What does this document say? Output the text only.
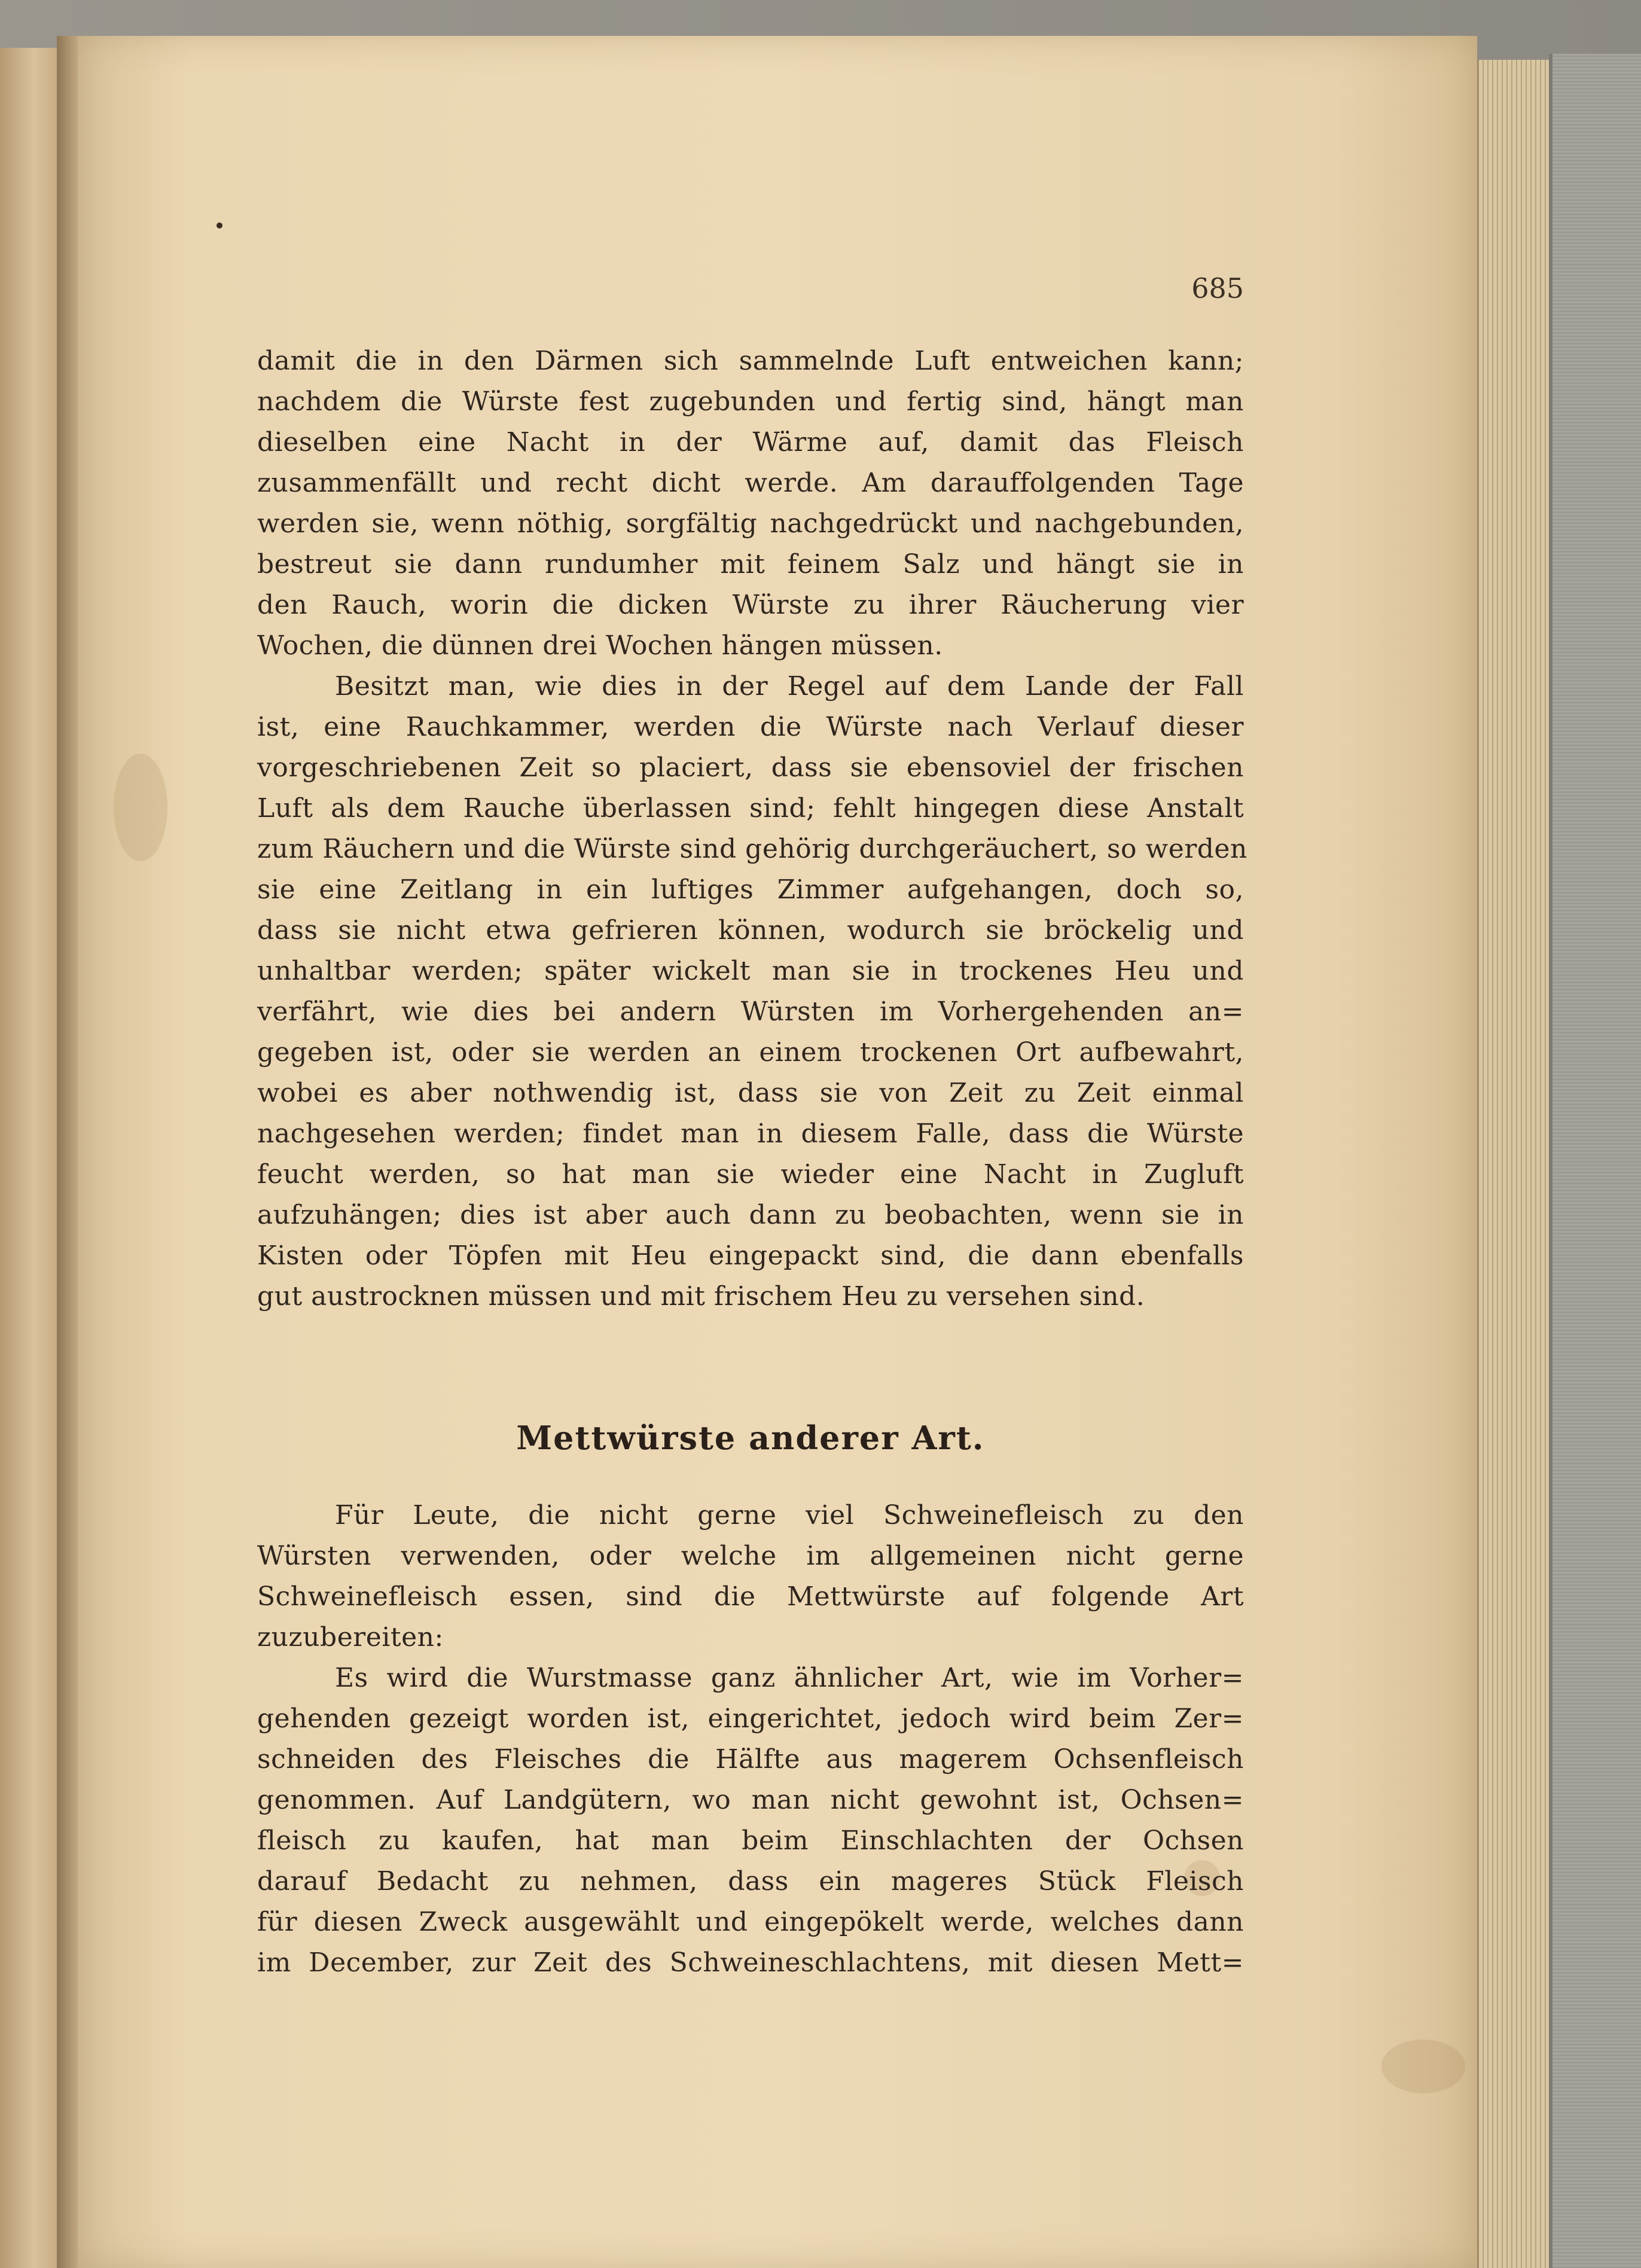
685
damit die in den Därmen sich sammelnde Luft entweichen kann;
nachdem die Würste fest zugebunden und fertig sind, hängt man
dieselben eine Nacht in der Wärme auf, damit das Fleisch
zusammenfällt und recht dicht werde. Am darauffolgenden Tage
werden sie, wenn nöthig, sorgfältig nachgedrückt und nachgebunden,
bestreut sie dann rundumher mit feinem Salz und hängt sie in
den Rauch, worin die dicken Würste zu ihrer Räucherung vier
Wochen, die dünnen drei Wochen hängen müssen.
Besitzt man, wie dies in der Regel auf dem Lande der Fall
ist, eine Rauchkammer, werden die Würste nach Verlauf dieser
vorgeschriebenen Zeit so placiert, dass sie ebensoviel der frischen
Luft als dem Rauche überlassen sind; fehlt hingegen diese Anstalt
zum Räuchern und die Würste sind gehörig durchgeräuchert, so werden
sie eine Zeitlang in ein luftiges Zimmer aufgehangen, doch so,
dass sie nicht etwa gefrieren können, wodurch sie bröckelig und
unhaltbar werden; später wickelt man sie in trockenes Heu und
verfährt, wie dies bei andern Würsten im Vorhergehenden an=
gegeben ist, oder sie werden an einem trockenen Ort aufbewahrt,
wobei es aber nothwendig ist, dass sie von Zeit zu Zeit einmal
nachgesehen werden; findet man in diesem Falle, dass die Würste
feucht werden, so hat man sie wieder eine Nacht in Zugluft
aufzuhängen; dies ist aber auch dann zu beobachten, wenn sie in
Kisten oder Töpfen mit Heu eingepackt sind, die dann ebenfalls
gut austrocknen müssen und mit frischem Heu zu versehen sind.
Mettwürste anderer Art.
Für Leute, die nicht gerne viel Schweinefleisch zu den
Würsten verwenden, oder welche im allgemeinen nicht gerne
Schweinefleisch essen, sind die Mettwürste auf folgende Art
zuzubereiten:
Es wird die Wurstmasse ganz ähnlicher Art, wie im Vorher=
gehenden gezeigt worden ist, eingerichtet, jedoch wird beim Zer=
schneiden des Fleisches die Hälfte aus magerem Ochsenfleisch
genommen. Auf Landgütern, wo man nicht gewohnt ist, Ochsen=
fleisch zu kaufen, hat man beim Einschlachten der Ochsen
darauf Bedacht zu nehmen, dass ein mageres Stück Fleisch
für diesen Zweck ausgewählt und eingepökelt werde, welches dann
im December, zur Zeit des Schweineschlachtens, mit diesen Mett=
